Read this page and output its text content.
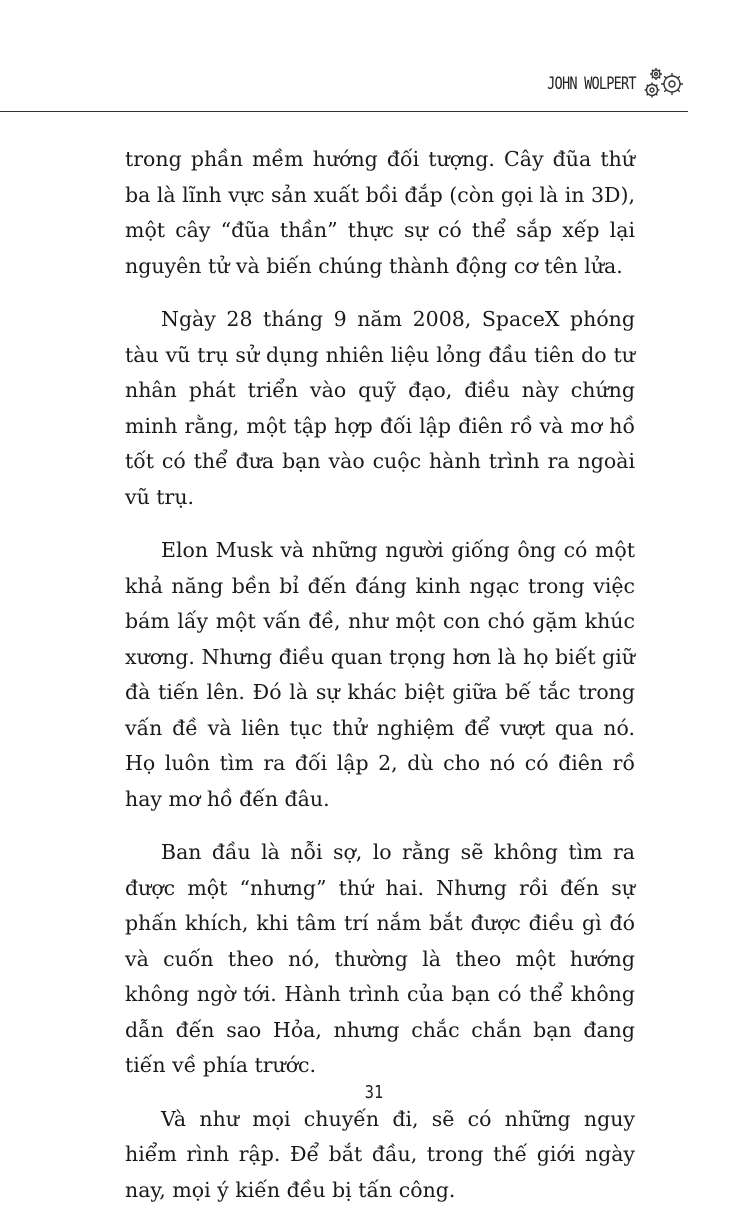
JOHN WOLPERT

trong phần mềm hướng đối tượng. Cây đũa thứ ba là lĩnh vực sản xuất bồi đắp (còn gọi là in 3D), một cây “đũa thần” thực sự có thể sắp xếp lại nguyên tử và biến chúng thành động cơ tên lửa.

Ngày 28 tháng 9 năm 2008, SpaceX phóng tàu vũ trụ sử dụng nhiên liệu lỏng đầu tiên do tư nhân phát triển vào quỹ đạo, điều này chứng minh rằng, một tập hợp đối lập điên rồ và mơ hồ tốt có thể đưa bạn vào cuộc hành trình ra ngoài vũ trụ.

Elon Musk và những người giống ông có một khả năng bền bỉ đến đáng kinh ngạc trong việc bám lấy một vấn đề, như một con chó gặm khúc xương. Nhưng điều quan trọng hơn là họ biết giữ đà tiến lên. Đó là sự khác biệt giữa bế tắc trong vấn đề và liên tục thử nghiệm để vượt qua nó. Họ luôn tìm ra đối lập 2, dù cho nó có điên rồ hay mơ hồ đến đâu.

Ban đầu là nỗi sợ, lo rằng sẽ không tìm ra được một “nhưng” thứ hai. Nhưng rồi đến sự phấn khích, khi tâm trí nắm bắt được điều gì đó và cuốn theo nó, thường là theo một hướng không ngờ tới. Hành trình của bạn có thể không dẫn đến sao Hỏa, nhưng chắc chắn bạn đang tiến về phía trước.

Và như mọi chuyến đi, sẽ có những nguy hiểm rình rập. Để bắt đầu, trong thế giới ngày nay, mọi ý kiến đều bị tấn công.

31
